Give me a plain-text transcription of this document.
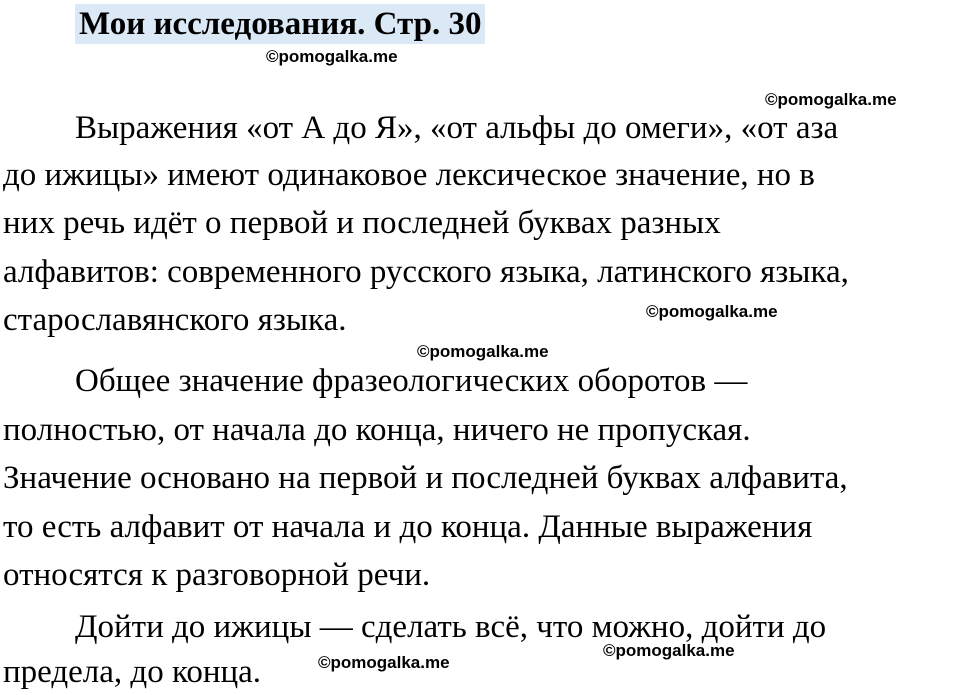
Мои исследования. Стр. 30
©pomogalka.me
©pomogalka.me
©pomogalka.me
©pomogalka.me
©pomogalka.me
©pomogalka.me
Выражения «от А до Я», «от альфы до омеги», «от аза
до ижицы» имеют одинаковое лексическое значение, но в
них речь идёт о первой и последней буквах разных
алфавитов: современного русского языка, латинского языка,
старославянского языка.
Общее значение фразеологических оборотов —
полностью, от начала до конца, ничего не пропуская.
Значение основано на первой и последней буквах алфавита,
то есть алфавит от начала и до конца. Данные выражения
относятся к разговорной речи.
Дойти до ижицы — сделать всё, что можно, дойти до
предела, до конца.
